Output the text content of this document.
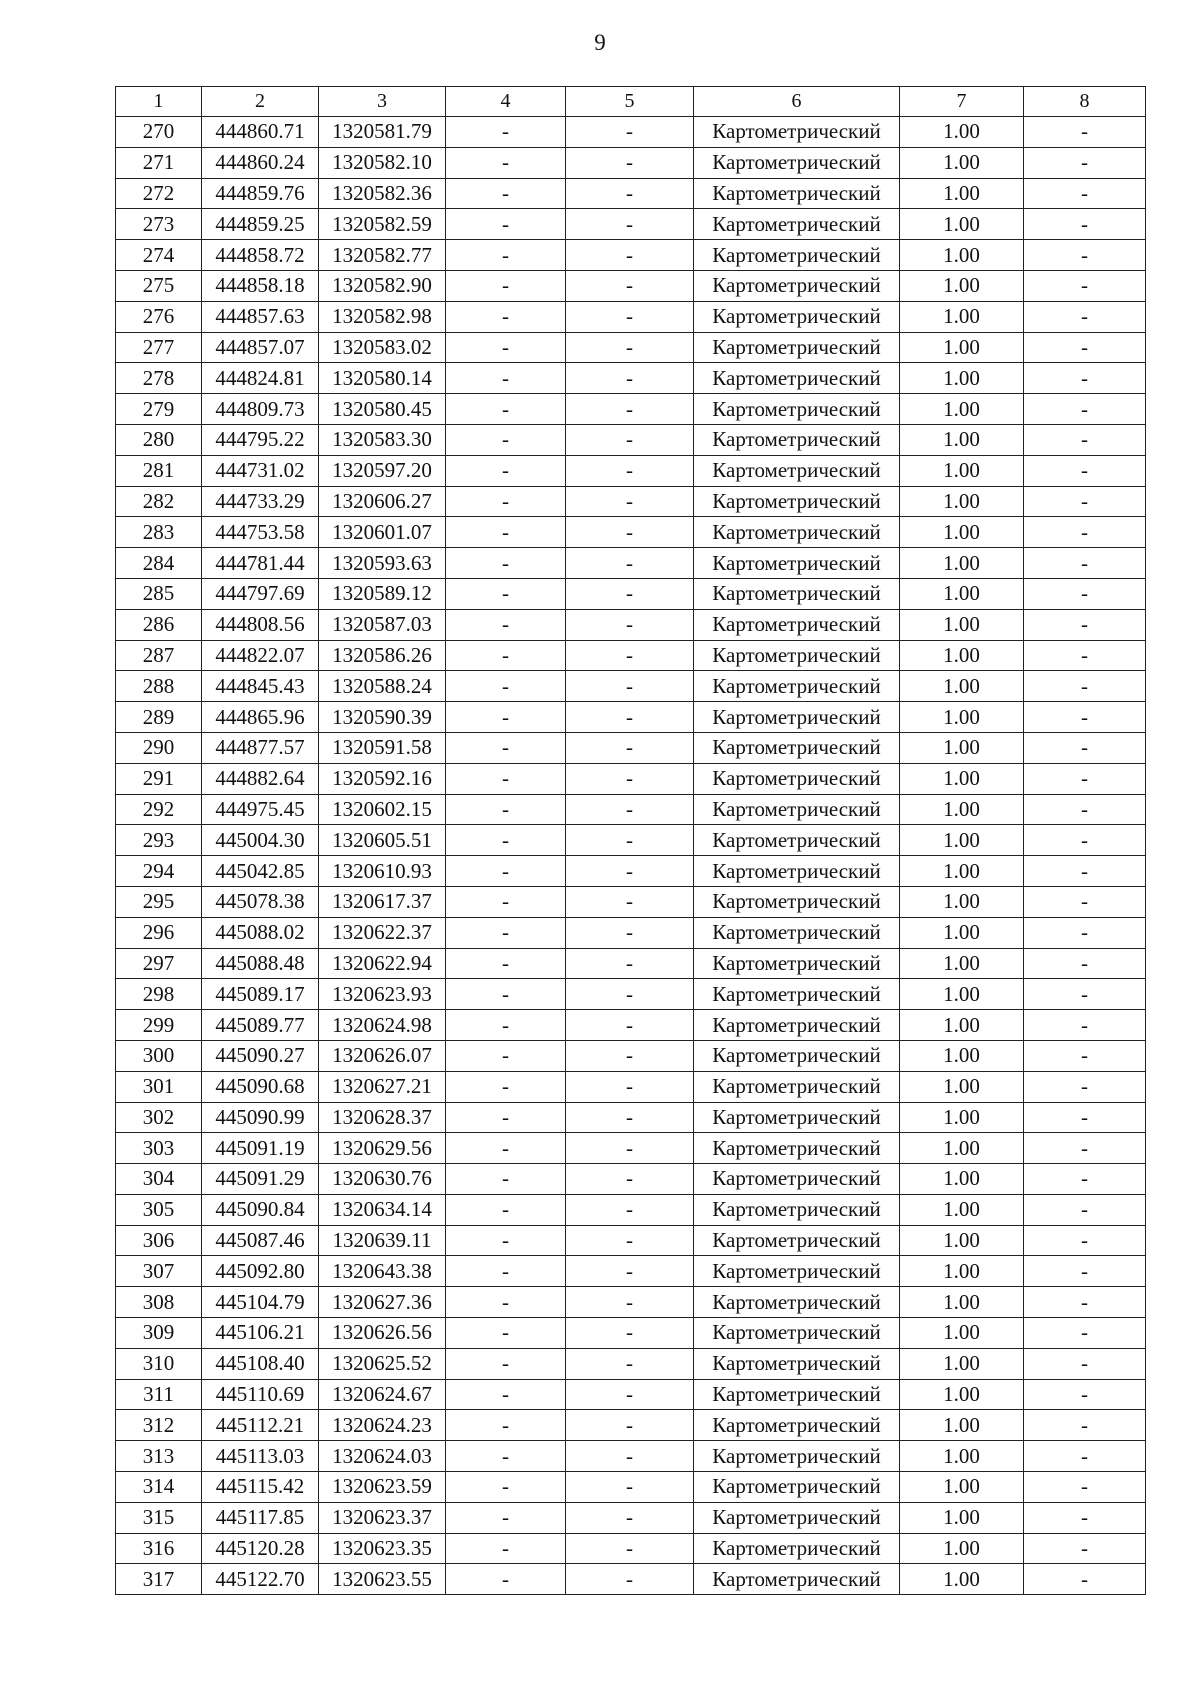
9
1	2	3	4	5	6	7	8
270	444860.71	1320581.79	-	-	Картометрический	1.00	-
271	444860.24	1320582.10	-	-	Картометрический	1.00	-
272	444859.76	1320582.36	-	-	Картометрический	1.00	-
273	444859.25	1320582.59	-	-	Картометрический	1.00	-
274	444858.72	1320582.77	-	-	Картометрический	1.00	-
275	444858.18	1320582.90	-	-	Картометрический	1.00	-
276	444857.63	1320582.98	-	-	Картометрический	1.00	-
277	444857.07	1320583.02	-	-	Картометрический	1.00	-
278	444824.81	1320580.14	-	-	Картометрический	1.00	-
279	444809.73	1320580.45	-	-	Картометрический	1.00	-
280	444795.22	1320583.30	-	-	Картометрический	1.00	-
281	444731.02	1320597.20	-	-	Картометрический	1.00	-
282	444733.29	1320606.27	-	-	Картометрический	1.00	-
283	444753.58	1320601.07	-	-	Картометрический	1.00	-
284	444781.44	1320593.63	-	-	Картометрический	1.00	-
285	444797.69	1320589.12	-	-	Картометрический	1.00	-
286	444808.56	1320587.03	-	-	Картометрический	1.00	-
287	444822.07	1320586.26	-	-	Картометрический	1.00	-
288	444845.43	1320588.24	-	-	Картометрический	1.00	-
289	444865.96	1320590.39	-	-	Картометрический	1.00	-
290	444877.57	1320591.58	-	-	Картометрический	1.00	-
291	444882.64	1320592.16	-	-	Картометрический	1.00	-
292	444975.45	1320602.15	-	-	Картометрический	1.00	-
293	445004.30	1320605.51	-	-	Картометрический	1.00	-
294	445042.85	1320610.93	-	-	Картометрический	1.00	-
295	445078.38	1320617.37	-	-	Картометрический	1.00	-
296	445088.02	1320622.37	-	-	Картометрический	1.00	-
297	445088.48	1320622.94	-	-	Картометрический	1.00	-
298	445089.17	1320623.93	-	-	Картометрический	1.00	-
299	445089.77	1320624.98	-	-	Картометрический	1.00	-
300	445090.27	1320626.07	-	-	Картометрический	1.00	-
301	445090.68	1320627.21	-	-	Картометрический	1.00	-
302	445090.99	1320628.37	-	-	Картометрический	1.00	-
303	445091.19	1320629.56	-	-	Картометрический	1.00	-
304	445091.29	1320630.76	-	-	Картометрический	1.00	-
305	445090.84	1320634.14	-	-	Картометрический	1.00	-
306	445087.46	1320639.11	-	-	Картометрический	1.00	-
307	445092.80	1320643.38	-	-	Картометрический	1.00	-
308	445104.79	1320627.36	-	-	Картометрический	1.00	-
309	445106.21	1320626.56	-	-	Картометрический	1.00	-
310	445108.40	1320625.52	-	-	Картометрический	1.00	-
311	445110.69	1320624.67	-	-	Картометрический	1.00	-
312	445112.21	1320624.23	-	-	Картометрический	1.00	-
313	445113.03	1320624.03	-	-	Картометрический	1.00	-
314	445115.42	1320623.59	-	-	Картометрический	1.00	-
315	445117.85	1320623.37	-	-	Картометрический	1.00	-
316	445120.28	1320623.35	-	-	Картометрический	1.00	-
317	445122.70	1320623.55	-	-	Картометрический	1.00	-
